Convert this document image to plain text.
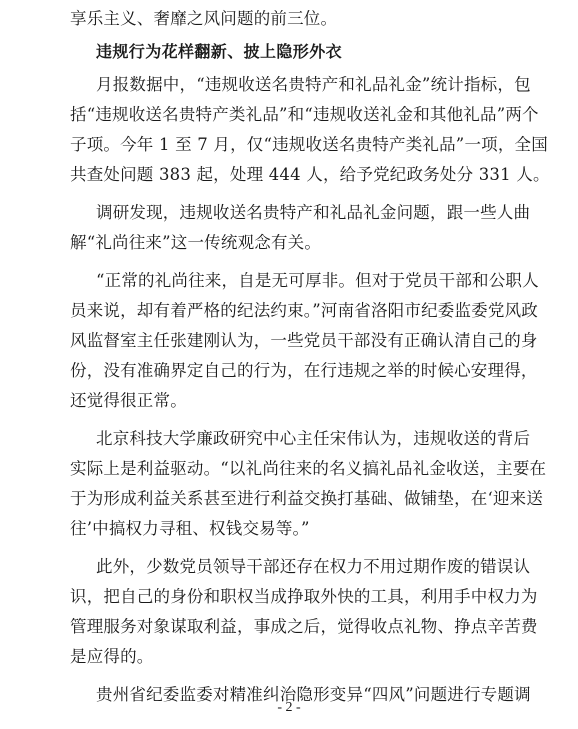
享乐主义、奢靡之风问题的前三位。
违规行为花样翻新、披上隐形外衣
月报数据中，“违规收送名贵特产和礼品礼金”统计指标，包
括“违规收送名贵特产类礼品”和“违规收送礼金和其他礼品”两个
子项。今年 1 至 7 月，仅“违规收送名贵特产类礼品”一项，全国
共查处问题 383 起，处理 444 人，给予党纪政务处分 331 人。
调研发现，违规收送名贵特产和礼品礼金问题，跟一些人曲
解“礼尚往来”这一传统观念有关。
“正常的礼尚往来，自是无可厚非。但对于党员干部和公职人
员来说，却有着严格的纪法约束。”河南省洛阳市纪委监委党风政
风监督室主任张建刚认为，一些党员干部没有正确认清自己的身
份，没有准确界定自己的行为，在行违规之举的时候心安理得，
还觉得很正常。
北京科技大学廉政研究中心主任宋伟认为，违规收送的背后
实际上是利益驱动。“以礼尚往来的名义搞礼品礼金收送，主要在
于为形成利益关系甚至进行利益交换打基础、做铺垫，在‘迎来送
往’中搞权力寻租、权钱交易等。”
此外，少数党员领导干部还存在权力不用过期作废的错误认
识，把自己的身份和职权当成挣取外快的工具，利用手中权力为
管理服务对象谋取利益，事成之后，觉得收点礼物、挣点辛苦费
是应得的。
贵州省纪委监委对精准纠治隐形变异“四风”问题进行专题调
- 2 -
